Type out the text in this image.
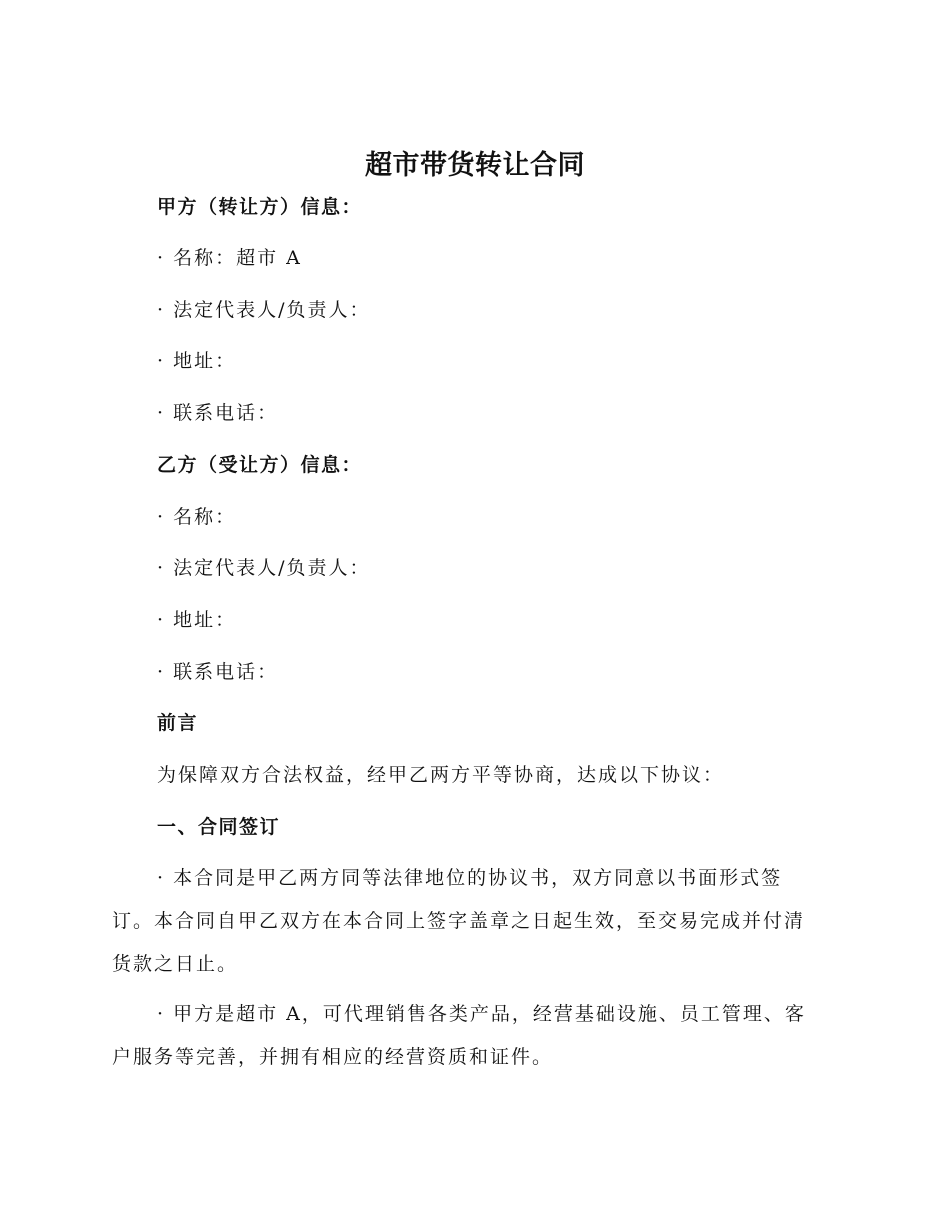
超市带货转让合同
甲方（转让方）信息：
· 名称：超市 A
· 法定代表人/负责人：
· 地址：
· 联系电话：
乙方（受让方）信息：
· 名称：
· 法定代表人/负责人：
· 地址：
· 联系电话：
前言
为保障双方合法权益，经甲乙两方平等协商，达成以下协议：
一、合同签订
· 本合同是甲乙两方同等法律地位的协议书，双方同意以书面形式签
订。本合同自甲乙双方在本合同上签字盖章之日起生效，至交易完成并付清
货款之日止。
· 甲方是超市 A，可代理销售各类产品，经营基础设施、员工管理、客
户服务等完善，并拥有相应的经营资质和证件。
